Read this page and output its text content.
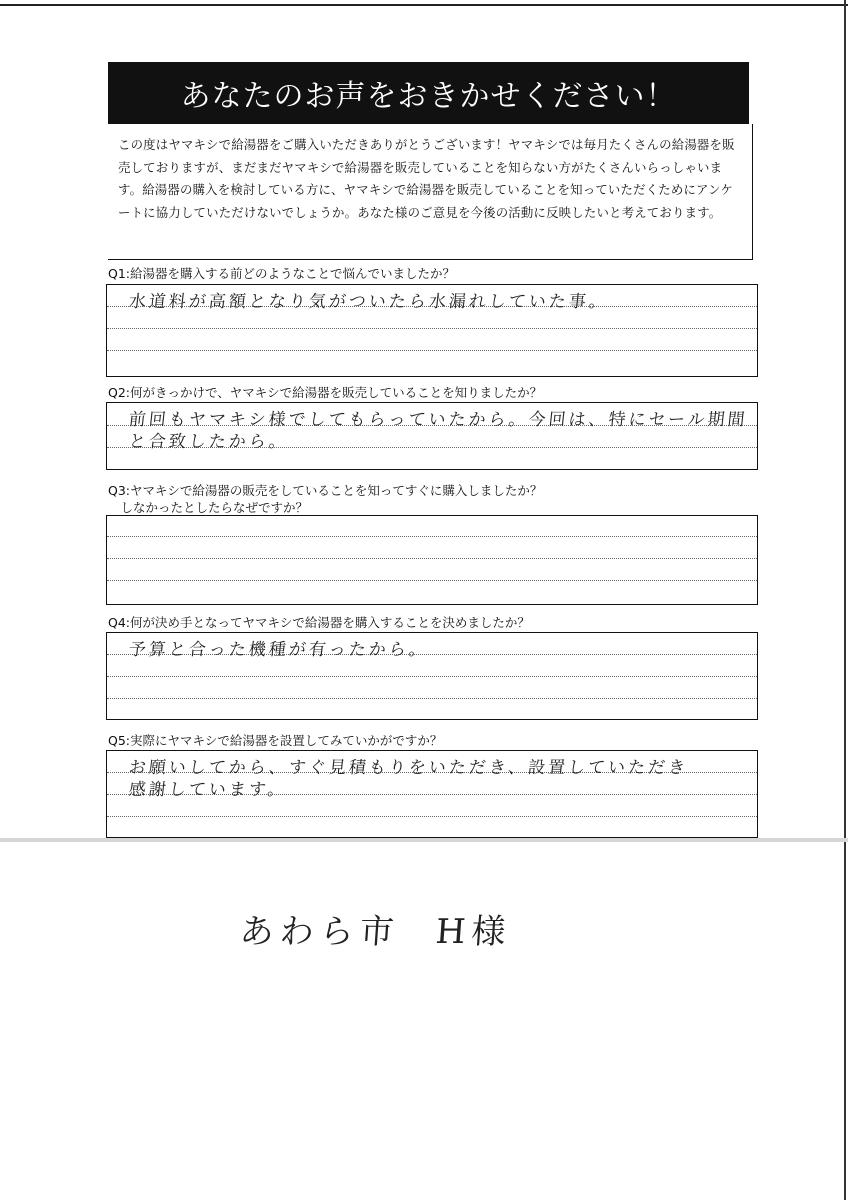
あなたのお声をおきかせください！
この度はヤマキシで給湯器をご購入いただきありがとうございます！ヤマキシでは毎月たくさんの給湯器を販売しておりますが、まだまだヤマキシで給湯器を販売していることを知らない方がたくさんいらっしゃいます。給湯器の購入を検討している方に、ヤマキシで給湯器を販売していることを知っていただくためにアンケートに協力していただけないでしょうか。あなた様のご意見を今後の活動に反映したいと考えております。
Q1:給湯器を購入する前どのようなことで悩んでいましたか？
水道料が高額となり気がついたら水漏れしていた事。
Q2:何がきっかけで、ヤマキシで給湯器を販売していることを知りましたか？
前回もヤマキシ様でしてもらっていたから。今回は、特にセール期間
と合致したから。
Q3:ヤマキシで給湯器の販売をしていることを知ってすぐに購入しましたか？
　しなかったとしたらなぜですか？
Q4:何が決め手となってヤマキシで給湯器を購入することを決めましたか？
予算と合った機種が有ったから。
Q5:実際にヤマキシで給湯器を設置してみていかがですか？
お願いしてから、すぐ見積もりをいただき、設置していただき
感謝しています。
あわら市 H様
